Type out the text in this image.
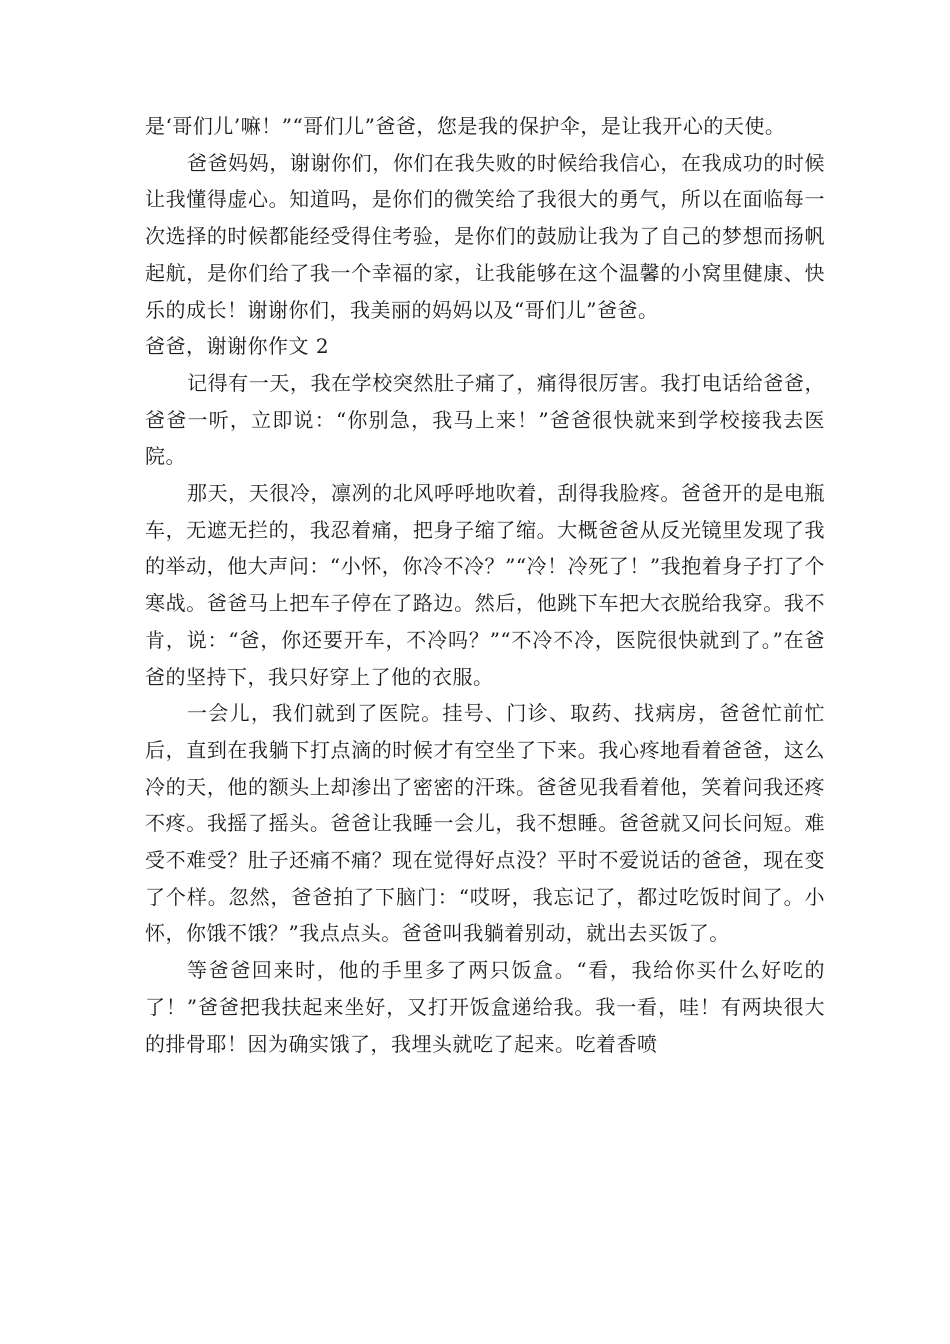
是‘哥们儿’嘛！”“哥们儿”爸爸，您是我的保护伞，是让我开心的天使。

爸爸妈妈，谢谢你们，你们在我失败的时候给我信心，在我成功的时候让我懂得虚心。知道吗，是你们的微笑给了我很大的勇气，所以在面临每一次选择的时候都能经受得住考验，是你们的鼓励让我为了自己的梦想而扬帆起航，是你们给了我一个幸福的家，让我能够在这个温馨的小窝里健康、快乐的成长！谢谢你们，我美丽的妈妈以及“哥们儿”爸爸。

爸爸，谢谢你作文 2

记得有一天，我在学校突然肚子痛了，痛得很厉害。我打电话给爸爸，爸爸一听，立即说：“你别急，我马上来！”爸爸很快就来到学校接我去医院。

那天，天很冷，凛冽的北风呼呼地吹着，刮得我脸疼。爸爸开的是电瓶车，无遮无拦的，我忍着痛，把身子缩了缩。大概爸爸从反光镜里发现了我的举动，他大声问：“小怀，你冷不冷？”“冷！冷死了！”我抱着身子打了个寒战。爸爸马上把车子停在了路边。然后，他跳下车把大衣脱给我穿。我不肯，说：“爸，你还要开车，不冷吗？”“不冷不冷，医院很快就到了。”在爸爸的坚持下，我只好穿上了他的衣服。

一会儿，我们就到了医院。挂号、门诊、取药、找病房，爸爸忙前忙后，直到在我躺下打点滴的时候才有空坐了下来。我心疼地看着爸爸，这么冷的天，他的额头上却渗出了密密的汗珠。爸爸见我看着他，笑着问我还疼不疼。我摇了摇头。爸爸让我睡一会儿，我不想睡。爸爸就又问长问短。难受不难受？肚子还痛不痛？现在觉得好点没？平时不爱说话的爸爸，现在变了个样。忽然，爸爸拍了下脑门：“哎呀，我忘记了，都过吃饭时间了。小怀，你饿不饿？”我点点头。爸爸叫我躺着别动，就出去买饭了。

等爸爸回来时，他的手里多了两只饭盒。“看，我给你买什么好吃的了！”爸爸把我扶起来坐好，又打开饭盒递给我。我一看，哇！有两块很大的排骨耶！因为确实饿了，我埋头就吃了起来。吃着香喷
